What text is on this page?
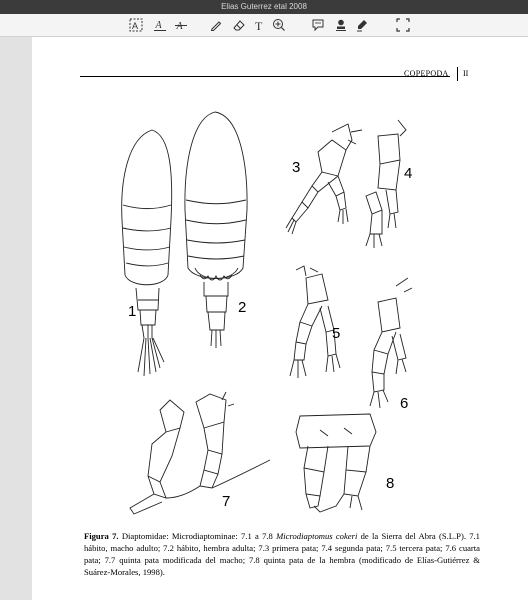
Elias Guterrez etal 2008
A A A	T
COPEPODA II
1	2
3	4
5
6
7
8
Figura 7. Diaptomidae: Microdiaptominae: 7.1 a 7.8 Microdiaptomus cokeri de la Sierra del Abra (S.L.P). 7.1 hábito, macho adulto; 7.2 hábito, hembra adulta; 7.3 primera pata; 7.4 segunda pata; 7.5 tercera pata; 7.6 cuarta pata; 7.7 quinta pata modificada del macho; 7.8 quinta pata de la hembra (modificado de Elías-Gutiérrez & Suárez-Morales, 1998).
